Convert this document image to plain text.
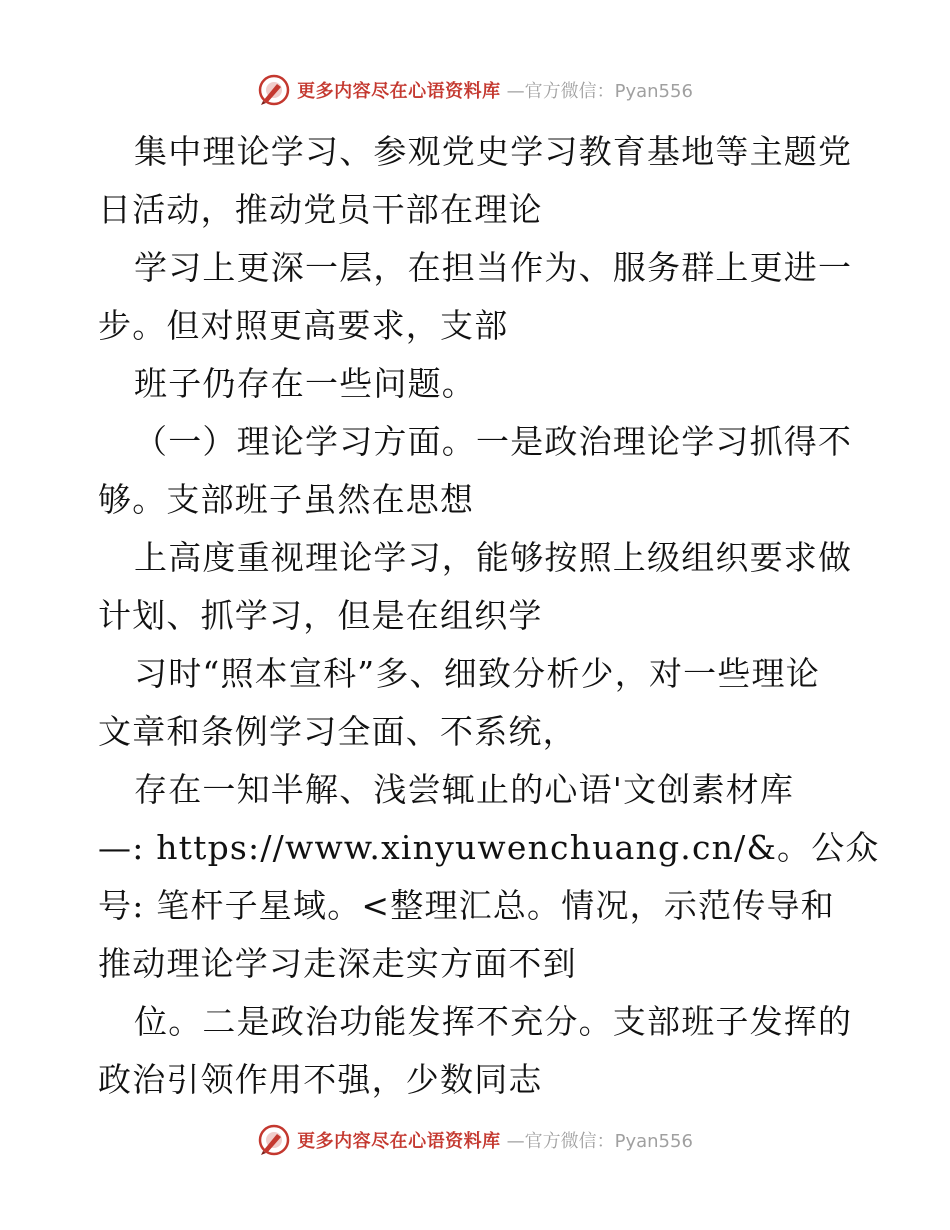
更多内容尽在心语资料库 —官方微信：Pyan556
集中理论学习、参观党史学习教育基地等主题党
日活动，推动党员干部在理论
学习上更深一层，在担当作为、服务群上更进一
步。但对照更高要求，支部
班子仍存在一些问题。
（一）理论学习方面。一是政治理论学习抓得不
够。支部班子虽然在思想
上高度重视理论学习，能够按照上级组织要求做
计划、抓学习，但是在组织学
习时“照本宣科”多、细致分析少，对一些理论
文章和条例学习全面、不系统，
存在一知半解、浅尝辄止的心语'文创素材库
—: https://www.xinyuwenchuang.cn/&。公众
号: 笔杆子星域。<整理汇总。情况，示范传导和
推动理论学习走深走实方面不到
位。二是政治功能发挥不充分。支部班子发挥的
政治引领作用不强，少数同志
更多内容尽在心语资料库 —官方微信：Pyan556
